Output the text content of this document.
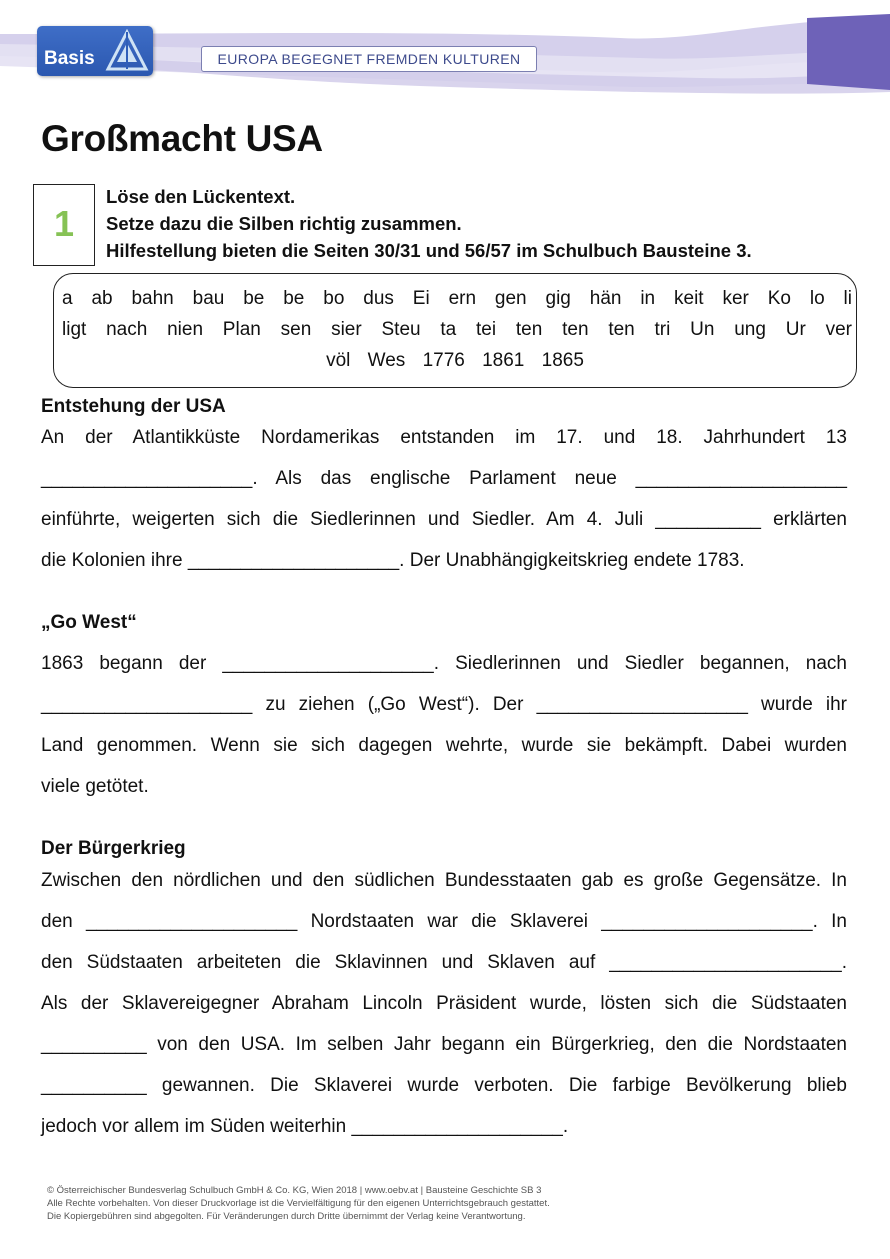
Basis	EUROPA BEGEGNET FREMDEN KULTUREN
Großmacht USA
1
Löse den Lückentext.
Setze dazu die Silben richtig zusammen.
Hilfestellung bieten die Seiten 30/31 und 56/57 im Schulbuch Bausteine 3.
a ab bahn bau be be bo dus Ei ern gen gig hän in keit ker Ko lo li
ligt nach nien Plan sen sier Steu ta tei ten ten ten tri Un ung Ur ver
völ Wes 1776 1861 1865
Entstehung der USA
An der Atlantikküste Nordamerikas entstanden im 17. und 18. Jahrhundert 13
____________________. Als das englische Parlament neue ____________________
einführte, weigerten sich die Siedlerinnen und Siedler. Am 4. Juli __________ erklärten
die Kolonien ihre ____________________. Der Unabhängigkeitskrieg endete 1783.
„Go West“
1863 begann der ____________________. Siedlerinnen und Siedler begannen, nach
____________________ zu ziehen („Go West“). Der ____________________ wurde ihr
Land genommen. Wenn sie sich dagegen wehrte, wurde sie bekämpft. Dabei wurden
viele getötet.
Der Bürgerkrieg
Zwischen den nördlichen und den südlichen Bundesstaaten gab es große Gegensätze. In
den ____________________ Nordstaaten war die Sklaverei ____________________. In
den Südstaaten arbeiteten die Sklavinnen und Sklaven auf ______________________.
Als der Sklavereigegner Abraham Lincoln Präsident wurde, lösten sich die Südstaaten
__________ von den USA. Im selben Jahr begann ein Bürgerkrieg, den die Nordstaaten
__________ gewannen. Die Sklaverei wurde verboten. Die farbige Bevölkerung blieb
jedoch vor allem im Süden weiterhin ____________________.
© Österreichischer Bundesverlag Schulbuch GmbH & Co. KG, Wien 2018 | www.oebv.at | Bausteine Geschichte SB 3
Alle Rechte vorbehalten. Von dieser Druckvorlage ist die Vervielfältigung für den eigenen Unterrichtsgebrauch gestattet.
Die Kopiergebühren sind abgegolten. Für Veränderungen durch Dritte übernimmt der Verlag keine Verantwortung.
